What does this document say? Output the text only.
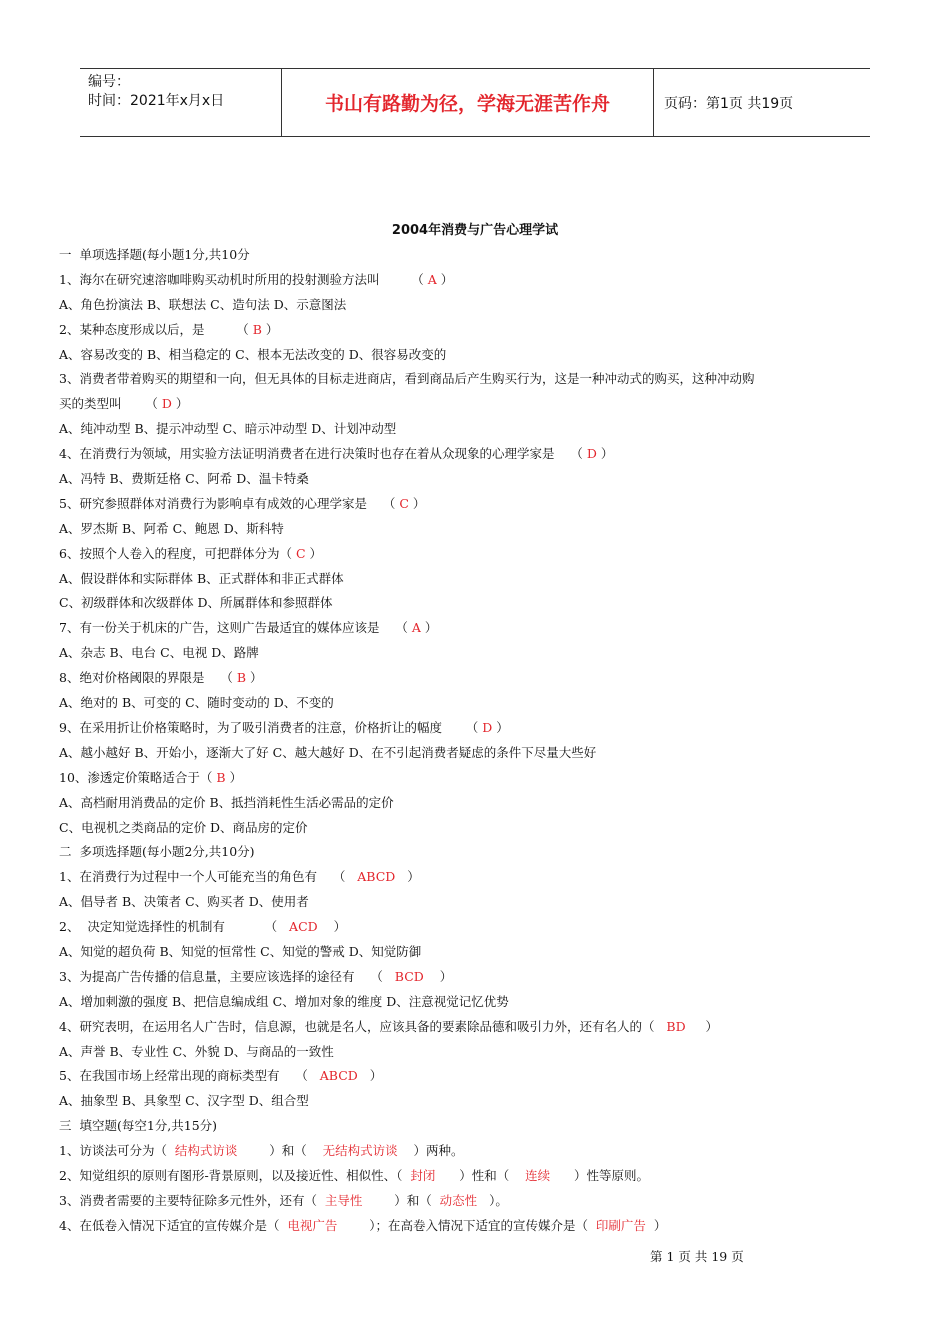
编号：
时间：2021年x月x日	书山有路勤为径，学海无涯苦作舟	页码：第1页 共19页
2004年消费与广告心理学试
一  单项选择题(每小题1分,共10分
1、海尔在研究速溶咖啡购买动机时所用的投射测验方法叫        （ A ）
A、角色扮演法 B、联想法 C、造句法 D、示意图法
2、某种态度形成以后，是        （ B ）
A、容易改变的 B、相当稳定的 C、根本无法改变的 D、很容易改变的
3、消费者带着购买的期望和一向，但无具体的目标走进商店，看到商品后产生购买行为，这是一种冲动式的购买，这种冲动购
买的类型叫      （ D ）
A、纯冲动型 B、提示冲动型 C、暗示冲动型 D、计划冲动型
4、在消费行为领域，用实验方法证明消费者在进行决策时也存在着从众现象的心理学家是    （ D ）
A、冯特 B、费斯廷格 C、阿希 D、温卡特桑
5、研究参照群体对消费行为影响卓有成效的心理学家是    （ C ）
A、罗杰斯 B、阿希 C、鲍恩 D、斯科特
6、按照个人卷入的程度，可把群体分为（ C ）
A、假设群体和实际群体 B、正式群体和非正式群体
C、初级群体和次级群体 D、所属群体和参照群体
7、有一份关于机床的广告，这则广告最适宜的媒体应该是    （ A ）
A、杂志 B、电台 C、电视 D、路牌
8、绝对价格阈限的界限是    （ B ）
A、绝对的 B、可变的 C、随时变动的 D、不变的
9、在采用折让价格策略时，为了吸引消费者的注意，价格折让的幅度      （ D ）
A、越小越好 B、开始小，逐渐大了好 C、越大越好 D、在不引起消费者疑虑的条件下尽量大些好
10、渗透定价策略适合于（ B ）
A、高档耐用消费品的定价 B、抵挡消耗性生活必需品的定价
C、电视机之类商品的定价 D、商品房的定价
二  多项选择题(每小题2分,共10分)
1、在消费行为过程中一个人可能充当的角色有    （   ABCD   ）
A、倡导者 B、决策者 C、购买者 D、使用者
2、  决定知觉选择性的机制有          （   ACD    ）
A、知觉的超负荷 B、知觉的恒常性 C、知觉的警戒 D、知觉防御
3、为提高广告传播的信息量，主要应该选择的途径有    （   BCD    ）
A、增加刺激的强度 B、把信息编成组 C、增加对象的维度 D、注意视觉记忆优势
4、研究表明，在运用名人广告时，信息源，也就是名人，应该具备的要素除品德和吸引力外，还有名人的（   BD     ）
A、声誉 B、专业性 C、外貌 D、与商品的一致性
5、在我国市场上经常出现的商标类型有    （   ABCD   ）
A、抽象型 B、具象型 C、汉字型 D、组合型
三  填空题(每空1分,共15分)
1、访谈法可分为（  结构式访谈        ）和（    无结构式访谈    ）两种。
2、知觉组织的原则有图形-背景原则，以及接近性、相似性、（  封闭      ）性和（    连续      ）性等原则。
3、消费者需要的主要特征除多元性外，还有（  主导性        ）和（  动态性   ）。
4、在低卷入情况下适宜的宣传媒介是（  电视广告        ）；在高卷入情况下适宜的宣传媒介是（  印刷广告  ）
第 1 页 共 19 页
